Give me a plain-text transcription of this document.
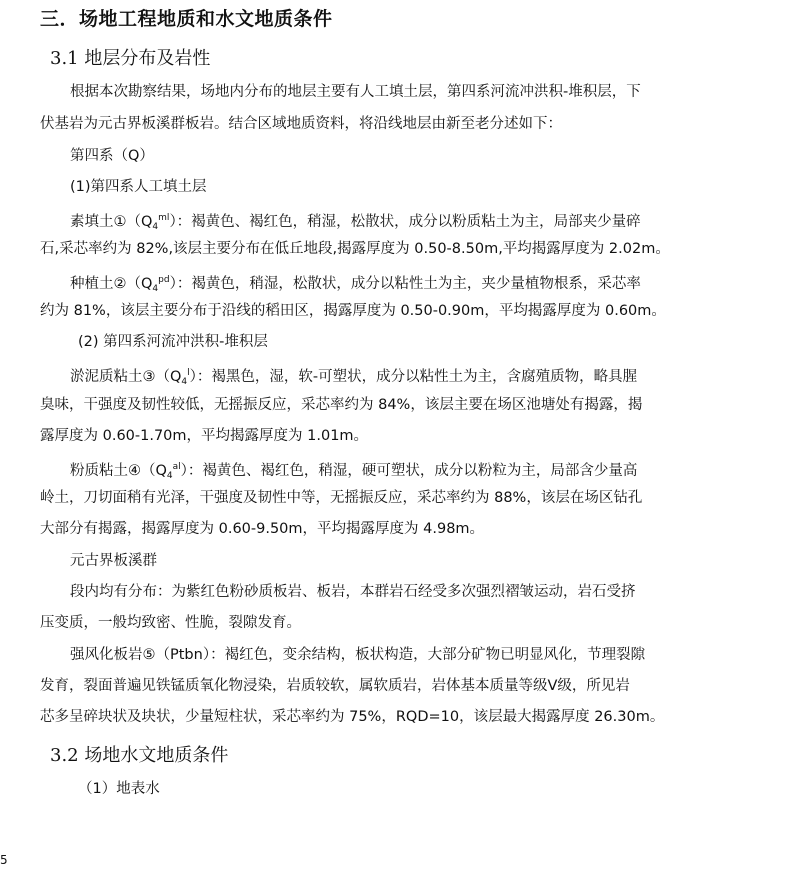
三．场地工程地质和水文地质条件
3.1 地层分布及岩性
根据本次勘察结果，场地内分布的地层主要有人工填土层，第四系河流冲洪积-堆积层，下
伏基岩为元古界板溪群板岩。结合区域地质资料，将沿线地层由新至老分述如下：
第四系（Q）
(1)第四系人工填土层
素填土$①(Q_4^{ml})$：褐黄色、褐红色，稍湿，松散状，成分以粉质粘土为主，局部夹少量碎
石,采芯率约为 82%,该层主要分布在低丘地段,揭露厚度为 0.50-8.50m,平均揭露厚度为 2.02m。
种植土$②(Q_4^{pd})$：褐黄色，稍湿，松散状，成分以粘性土为主，夹少量植物根系，采芯率
约为 81%，该层主要分布于沿线的稻田区，揭露厚度为 0.50-0.90m，平均揭露厚度为 0.60m。
(2) 第四系河流冲洪积-堆积层
淤泥质粘土$③(Q_4^l)$：褐黑色，湿，软-可塑状，成分以粘性土为主，含腐殖质物，略具腥
臭味，干强度及韧性较低，无摇振反应，采芯率约为 84%，该层主要在场区池塘处有揭露，揭
露厚度为 0.60-1.70m，平均揭露厚度为 1.01m。
粉质粘土$④(Q_4^{al})$：褐黄色、褐红色，稍湿，硬可塑状，成分以粉粒为主，局部含少量高
岭土，刀切面稍有光泽，干强度及韧性中等，无摇振反应，采芯率约为 88%，该层在场区钻孔
大部分有揭露，揭露厚度为 0.60-9.50m，平均揭露厚度为 4.98m。
元古界板溪群
段内均有分布：为紫红色粉砂质板岩、板岩，本群岩石经受多次强烈褶皱运动，岩石受挤
压变质，一般均致密、性脆，裂隙发育。
强风化板岩⑤（Ptbn）：褐红色，变余结构，板状构造，大部分矿物已明显风化，节理裂隙
发育，裂面普遍见铁锰质氧化物浸染，岩质较软，属软质岩，岩体基本质量等级Ⅴ级，所见岩
芯多呈碎块状及块状，少量短柱状，采芯率约为 75%，RQD=10，该层最大揭露厚度 26.30m。
3.2 场地水文地质条件
（1）地表水
5
